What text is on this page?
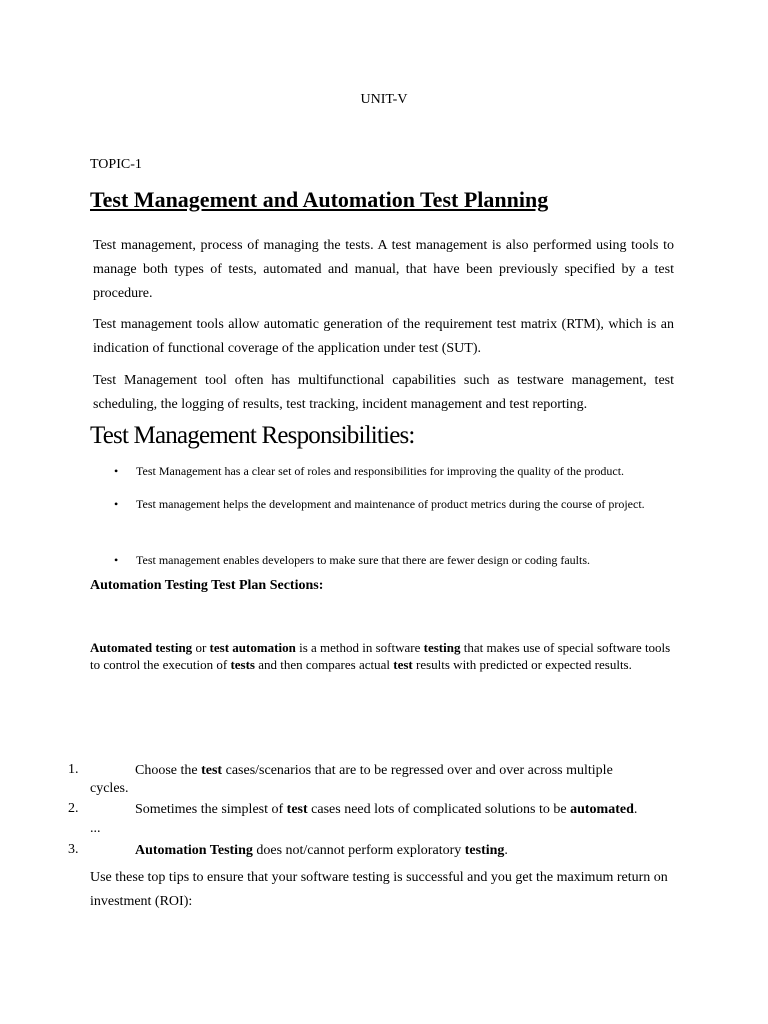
UNIT-V
TOPIC-1
Test Management and Automation Test Planning

Test management, process of managing the tests. A test management is also performed using tools to manage both types of tests, automated and manual, that have been previously specified by a test procedure.

Test management tools allow automatic generation of the requirement test matrix (RTM), which is an indication of functional coverage of the application under test (SUT).

Test Management tool often has multifunctional capabilities such as testware management, test scheduling, the logging of results, test tracking, incident management and test reporting.

Test Management Responsibilities:
• Test Management has a clear set of roles and responsibilities for improving the quality of the product.
• Test management helps the development and maintenance of product metrics during the course of project.
• Test management enables developers to make sure that there are fewer design or coding faults.
Automation Testing Test Plan Sections:

Automated testing or test automation is a method in software testing that makes use of special software tools to control the execution of tests and then compares actual test results with predicted or expected results.

1.	Choose the test cases/scenarios that are to be regressed over and over across multiple
cycles.
2.	Sometimes the simplest of test cases need lots of complicated solutions to be automated.
...
3.	Automation Testing does not/cannot perform exploratory testing.

Use these top tips to ensure that your software testing is successful and you get the maximum return on investment (ROI):
